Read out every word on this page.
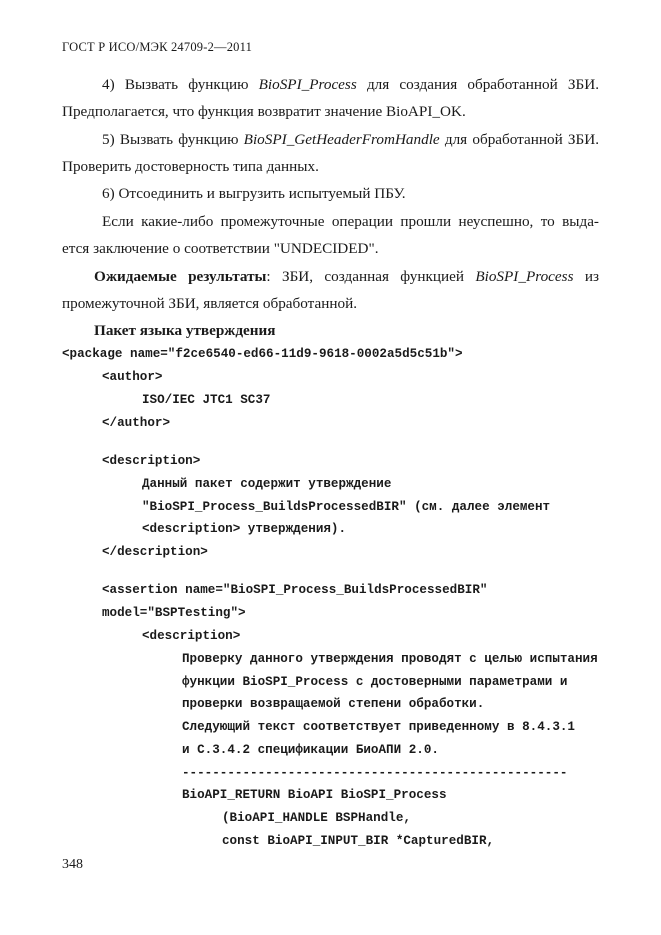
ГОСТ Р ИСО/МЭК 24709-2—2011
4) Вызвать функцию BioSPI_Process для создания обработанной ЗБИ.
Предполагается, что функция возвратит значение BioAPI_OK.
5) Вызвать функцию BioSPI_GetHeaderFromHandle для обработанной ЗБИ.
Проверить достоверность типа данных.
6) Отсоединить и выгрузить испытуемый ПБУ.
Если какие-либо промежуточные операции прошли неуспешно, то выда-
ется заключение о соответствии "UNDECIDED".
Ожидаемые результаты: ЗБИ, созданная функцией BioSPI_Process из
промежуточной ЗБИ, является обработанной.
Пакет языка утверждения
<package name="f2ce6540-ed66-11d9-9618-0002a5d5c51b">
<author>
ISO/IEC JTC1 SC37
</author>
<description>
Данный пакет содержит утверждение
"BioSPI_Process_BuildsProcessedBIR" (см. далее элемент
<description> утверждения).
</description>
<assertion name="BioSPI_Process_BuildsProcessedBIR"
model="BSPTesting">
<description>
Проверку данного утверждения проводят с целью испытания
функции BioSPI_Process с достоверными параметрами и
проверки возвращаемой степени обработки.
Следующий текст соответствует приведенному в 8.4.3.1
и C.3.4.2 спецификации БиоАПИ 2.0.
---------------------------------------------------
BioAPI_RETURN BioAPI BioSPI_Process
(BioAPI_HANDLE BSPHandle,
const BioAPI_INPUT_BIR *CapturedBIR,
348
